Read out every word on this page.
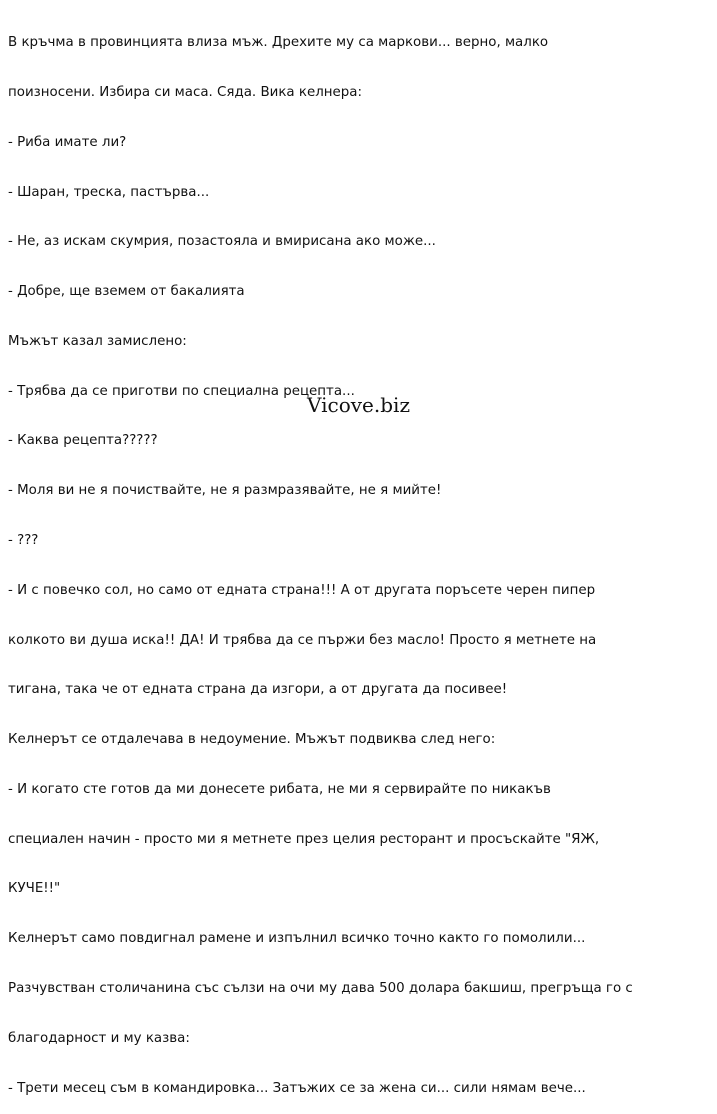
В кръчма в провинцията влиза мъж. Дрехите му са маркови... верно, малко

поизносени. Избира си маса. Сяда. Вика келнера:

- Риба имате ли?

- Шаран, треска, пастърва...

- Не, аз искам скумрия, позастояла и вмирисана ако може...

- Добре, ще вземем от бакалията

Мъжът казал замислено:

- Трябва да се приготви по специална рецепта...

- Каква рецепта?????

- Моля ви не я почиствайте, не я размразявайте, не я мийте!

- ???

- И с повечко сол, но само от едната страна!!! А от другата поръсете черен пипер

колкото ви душа иска!! ДА! И трябва да се пържи без масло! Просто я метнете на

тигана, така че от едната страна да изгори, а от другата да посивее!

Келнерът се отдалечава в недоумение. Мъжът подвиква след него:

- И когато сте готов да ми донесете рибата, не ми я сервирайте по никакъв

специален начин - просто ми я метнете през целия ресторант и просъскайте "ЯЖ,

КУЧЕ!!"

Келнерът само повдигнал рамене и изпълнил всичко точно както го помолили...

Разчувстван столичанина със сълзи на очи му дава 500 долара бакшиш, прегръща го с

благодарност и му казва:

- Трети месец съм в командировка... Затъжих се за жена си... сили нямам вече...

Vicove.biz
